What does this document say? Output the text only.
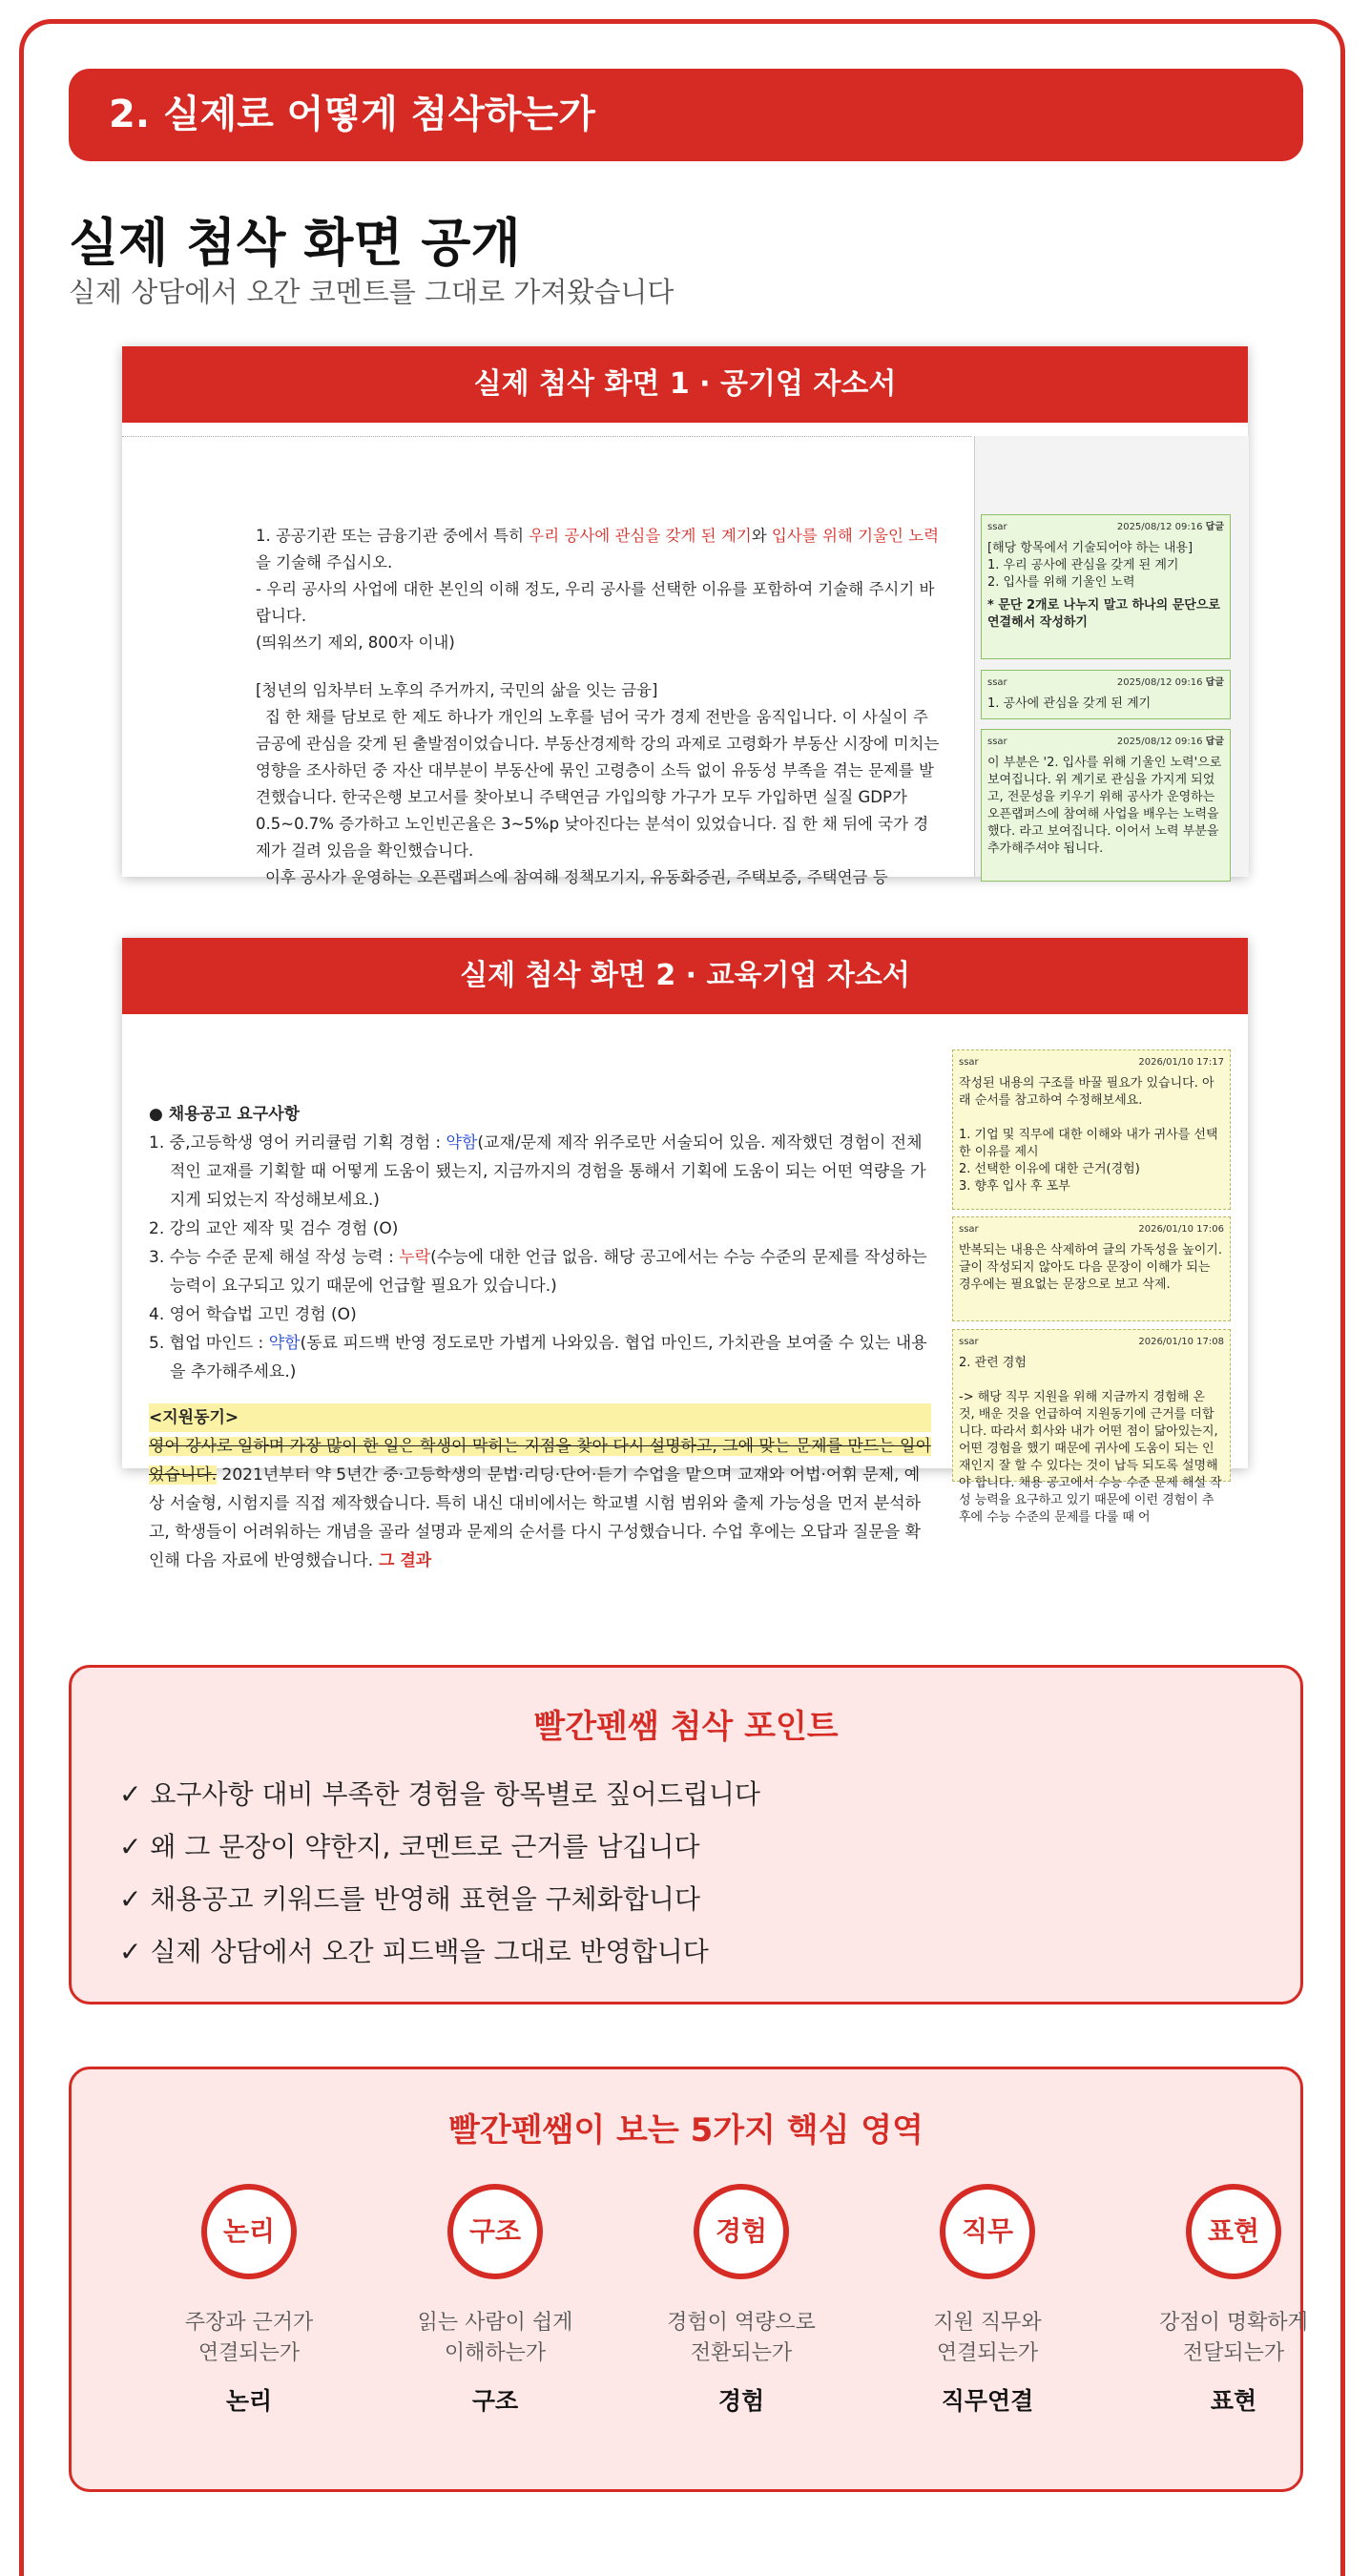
2. 실제로 어떻게 첨삭하는가
실제 첨삭 화면 공개
실제 상담에서 오간 코멘트를 그대로 가져왔습니다
실제 첨삭 화면 1 · 공기업 자소서

1. 공공기관 또는 금융기관 중에서 특히 우리 공사에 관심을 갖게 된 계기와 입사를 위해 기울인 노력을 기술해 주십시오.

- 우리 공사의 사업에 대한 본인의 이해 정도, 우리 공사를 선택한 이유를 포함하여 기술해 주시기 바랍니다.

(띄워쓰기 제외, 800자 이내)

[청년의 임차부터 노후의 주거까지, 국민의 삶을 잇는 금융]

집 한 채를 담보로 한 제도 하나가 개인의 노후를 넘어 국가 경제 전반을 움직입니다. 이 사실이 주금공에 관심을 갖게 된 출발점이었습니다. 부동산경제학 강의 과제로 고령화가 부동산 시장에 미치는 영향을 조사하던 중 자산 대부분이 부동산에 묶인 고령층이 소득 없이 유동성 부족을 겪는 문제를 발견했습니다. 한국은행 보고서를 찾아보니 주택연금 가입의향 가구가 모두 가입하면 실질 GDP가 0.5~0.7% 증가하고 노인빈곤율은 3~5%p 낮아진다는 분석이 있었습니다. 집 한 채 뒤에 국가 경제가 걸려 있음을 확인했습니다.

이후 공사가 운영하는 오픈랩퍼스에 참여해 정책모기지, 유동화증권, 주택보증, 주택연금 등

ssar	2025/08/12 09:16 답글
[해당 항목에서 기술되어야 하는 내용]
1. 우리 공사에 관심을 갖게 된 계기
2. 입사를 위해 기울인 노력
* 문단 2개로 나누지 말고 하나의 문단으로 연결해서 작성하기
ssar	2025/08/12 09:16 답글
1. 공사에 관심을 갖게 된 계기
ssar	2025/08/12 09:16 답글
이 부분은 '2. 입사를 위해 기울인 노력'으로 보여집니다. 위 계기로 관심을 가지게 되었고, 전문성을 키우기 위해 공사가 운영하는 오픈랩퍼스에 참여해 사업을 배우는 노력을 했다. 라고 보여집니다. 이어서 노력 부분을 추가해주셔야 됩니다.
실제 첨삭 화면 2 · 교육기업 자소서

● 채용공고 요구사항

1. 중,고등학생 영어 커리큘럼 기획 경험 : 약함(교재/문제 제작 위주로만 서술되어 있음. 제작했던 경험이 전체적인 교재를 기획할 때 어떻게 도움이 됐는지, 지금까지의 경험을 통해서 기획에 도움이 되는 어떤 역량을 가지게 되었는지 작성해보세요.)

2. 강의 교안 제작 및 검수 경험 (O)

3. 수능 수준 문제 해설 작성 능력 : 누락(수능에 대한 언급 없음. 해당 공고에서는 수능 수준의 문제를 작성하는 능력이 요구되고 있기 때문에 언급할 필요가 있습니다.)

4. 영어 학습법 고민 경험 (O)

5. 협업 마인드 : 약함(동료 피드백 반영 정도로만 가볍게 나와있음. 협업 마인드, 가치관을 보여줄 수 있는 내용을 추가해주세요.)

<지원동기>

영어 강사로 일하며 가장 많이 한 일은 학생이 막히는 지점을 찾아 다시 설명하고, 그에 맞는 문제를 만드는 일이었습니다. 2021년부터 약 5년간 중·고등학생의 문법·리딩·단어·듣기 수업을 맡으며 교재와 어법·어휘 문제, 예상 서술형, 시험지를 직접 제작했습니다. 특히 내신 대비에서는 학교별 시험 범위와 출제 가능성을 먼저 분석하고, 학생들이 어려워하는 개념을 골라 설명과 문제의 순서를 다시 구성했습니다. 수업 후에는 오답과 질문을 확인해 다음 자료에 반영했습니다. 그 결과

ssar	2026/01/10 17:17
작성된 내용의 구조를 바꿀 필요가 있습니다. 아래 순서를 참고하여 수정해보세요.

1. 기업 및 직무에 대한 이해와 내가 귀사를 선택한 이유를 제시
2. 선택한 이유에 대한 근거(경험)
3. 향후 입사 후 포부
ssar	2026/01/10 17:06
반복되는 내용은 삭제하여 글의 가독성을 높이기. 글이 작성되지 않아도 다음 문장이 이해가 되는 경우에는 필요없는 문장으로 보고 삭제.
ssar	2026/01/10 17:08
2. 관련 경험

-> 해당 직무 지원을 위해 지금까지 경험해 온 것, 배운 것을 언급하여 지원동기에 근거를 더합니다. 따라서 회사와 내가 어떤 점이 닮아있는지, 어떤 경험을 했기 때문에 귀사에 도움이 되는 인재인지 잘 할 수 있다는 것이 납득 되도록 설명해야 합니다. 채용 공고에서 수능 수준 문제 해설 작성 능력을 요구하고 있기 때문에 이런 경험이 추후에 수능 수준의 문제를 다룰 때 어
빨간펜쌤 첨삭 포인트
✓ 요구사항 대비 부족한 경험을 항목별로 짚어드립니다
✓ 왜 그 문장이 약한지, 코멘트로 근거를 남깁니다
✓ 채용공고 키워드를 반영해 표현을 구체화합니다
✓ 실제 상담에서 오간 피드백을 그대로 반영합니다
빨간펜쌤이 보는 5가지 핵심 영역
논리
주장과 근거가
연결되는가
논리
구조
읽는 사람이 쉽게
이해하는가
구조
경험
경험이 역량으로
전환되는가
경험
직무
지원 직무와
연결되는가
직무연결
표현
강점이 명확하게
전달되는가
표현
